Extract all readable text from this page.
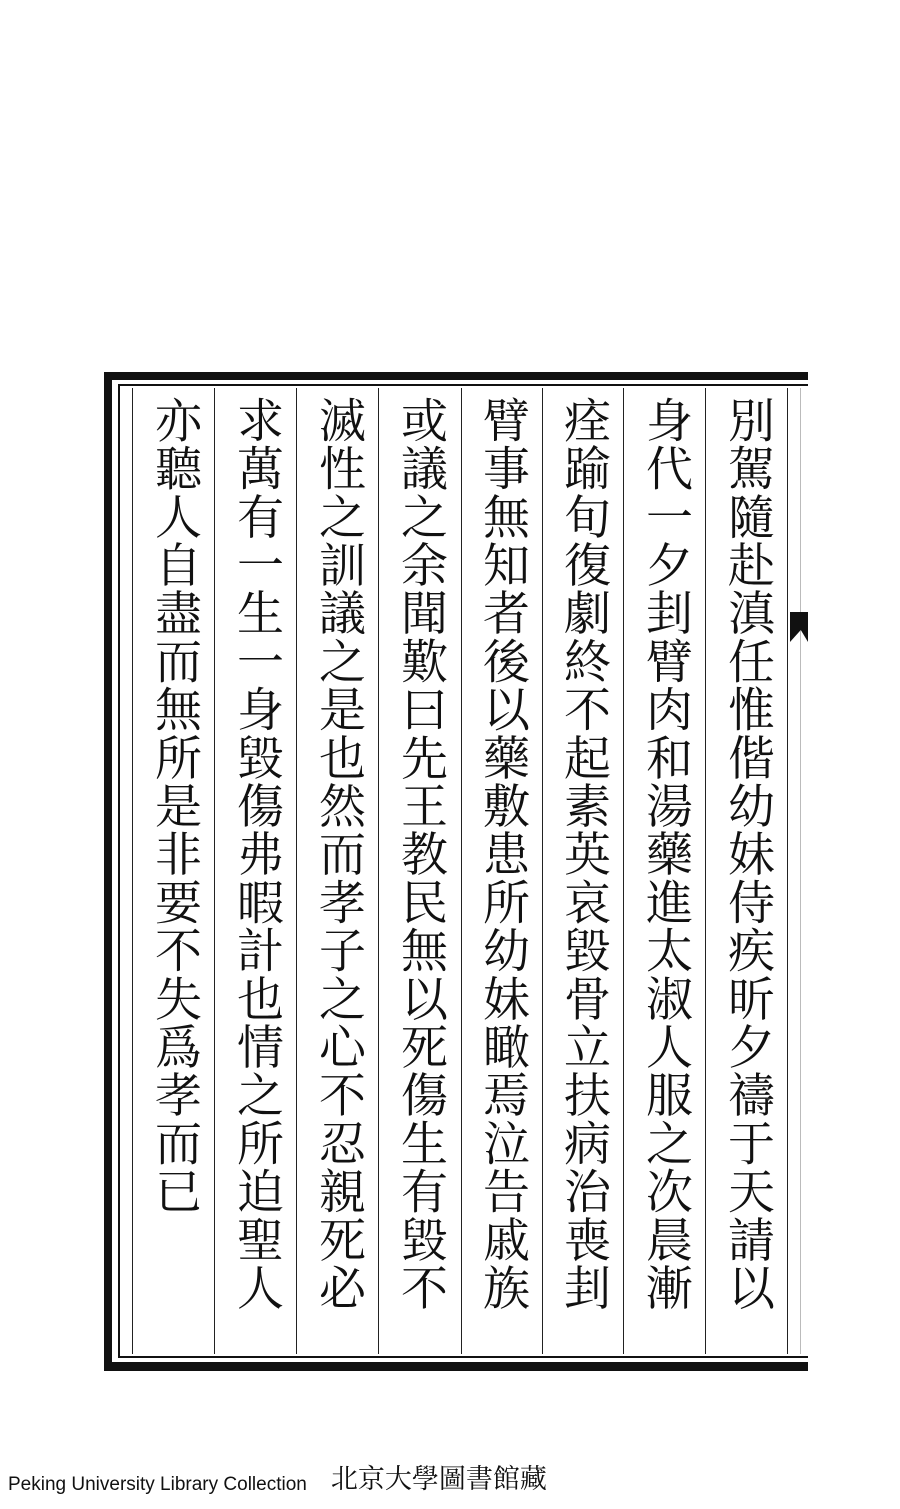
別駕隨赴滇任惟偕幼妹侍疾昕夕禱于天請以
身代一夕刲臂肉和湯藥進太淑人服之次晨漸
痊踰旬復劇終不起素英哀毀骨立扶病治喪刲
臂事無知者後以藥敷患所幼妹瞰焉泣告戚族
或議之余聞歎曰先王教民無以死傷生有毀不
滅性之訓議之是也然而孝子之心不忍親死必
求萬有一生一身毀傷弗暇計也情之所迫聖人
亦聽人自盡而無所是非要不失爲孝而已
Peking University Library Collection 北京大學圖書館藏
